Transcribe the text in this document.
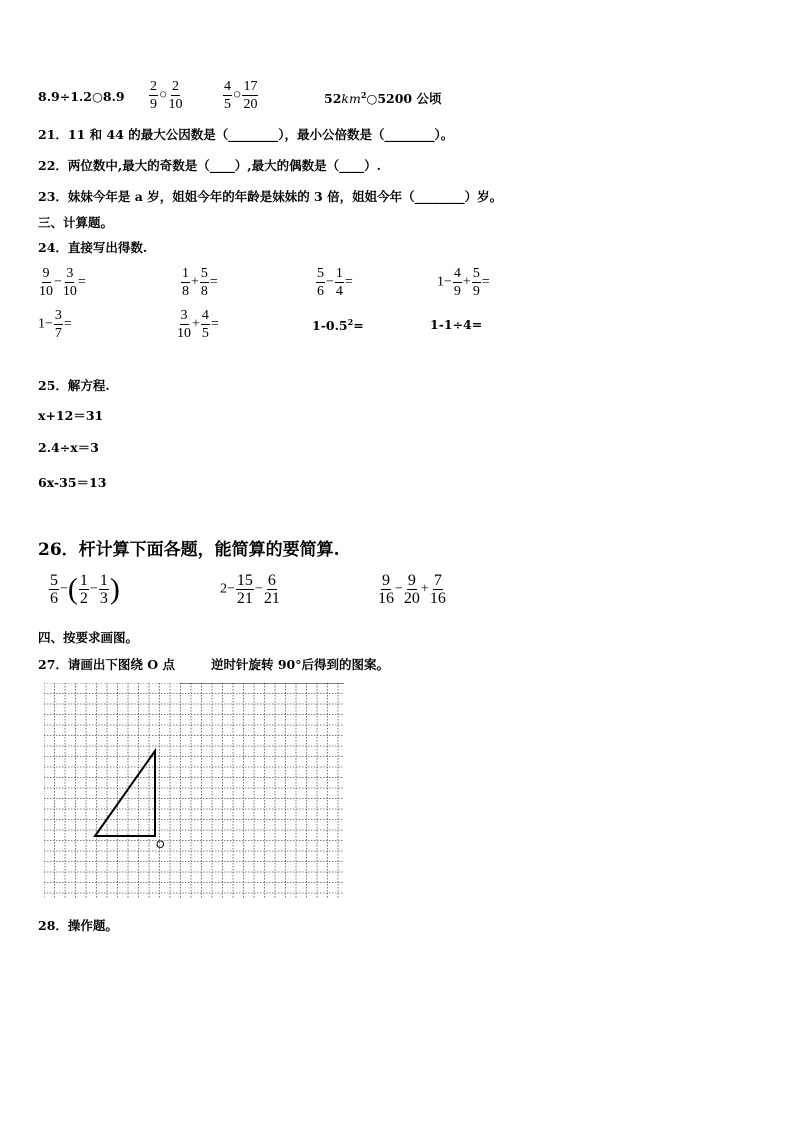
8.9÷1.2○8.9 $\frac{2}{9}$ ○ $\frac{2}{10}$	$\frac{4}{5}$ ○ $\frac{17}{20}$	$52km^2○5200$ 公顷
21．11 和 44 的最大公因数是（________），最小公倍数是（________）。
22．两位数中,最大的奇数是（____）,最大的偶数是（____）.
23．妹妹今年是 a 岁，姐姐今年的年龄是妹妹的 3 倍，姐姐今年（________）岁。
三、计算题。
24．直接写出得数.
$\frac{9}{10} - \frac{3}{10}$ =	$\frac{1}{8} + \frac{5}{8}$ =	$\frac{5}{6} - \frac{1}{4}$ =	$1- \frac{4}{9} + \frac{5}{9}$ =
$1- \frac{3}{7}$ =	$\frac{3}{10} + \frac{4}{5}$ =	$1-0.5^2=$	1-1÷4=
25．解方程.
x+12＝31
2.4÷x＝3
6x-35＝13
26．杆计算下面各题，能简算的要简算.
$\frac{5}{6}$ −( $\frac{1}{2} - \frac{1}{3}$ )	$2- \frac{15}{21} - \frac{6}{21}$	$\frac{9}{16} - \frac{9}{20} + \frac{7}{16}$
四、按要求画图。
27．请画出下图绕 O 点	逆时针旋转 90°后得到的图案。
O
28．操作题。
